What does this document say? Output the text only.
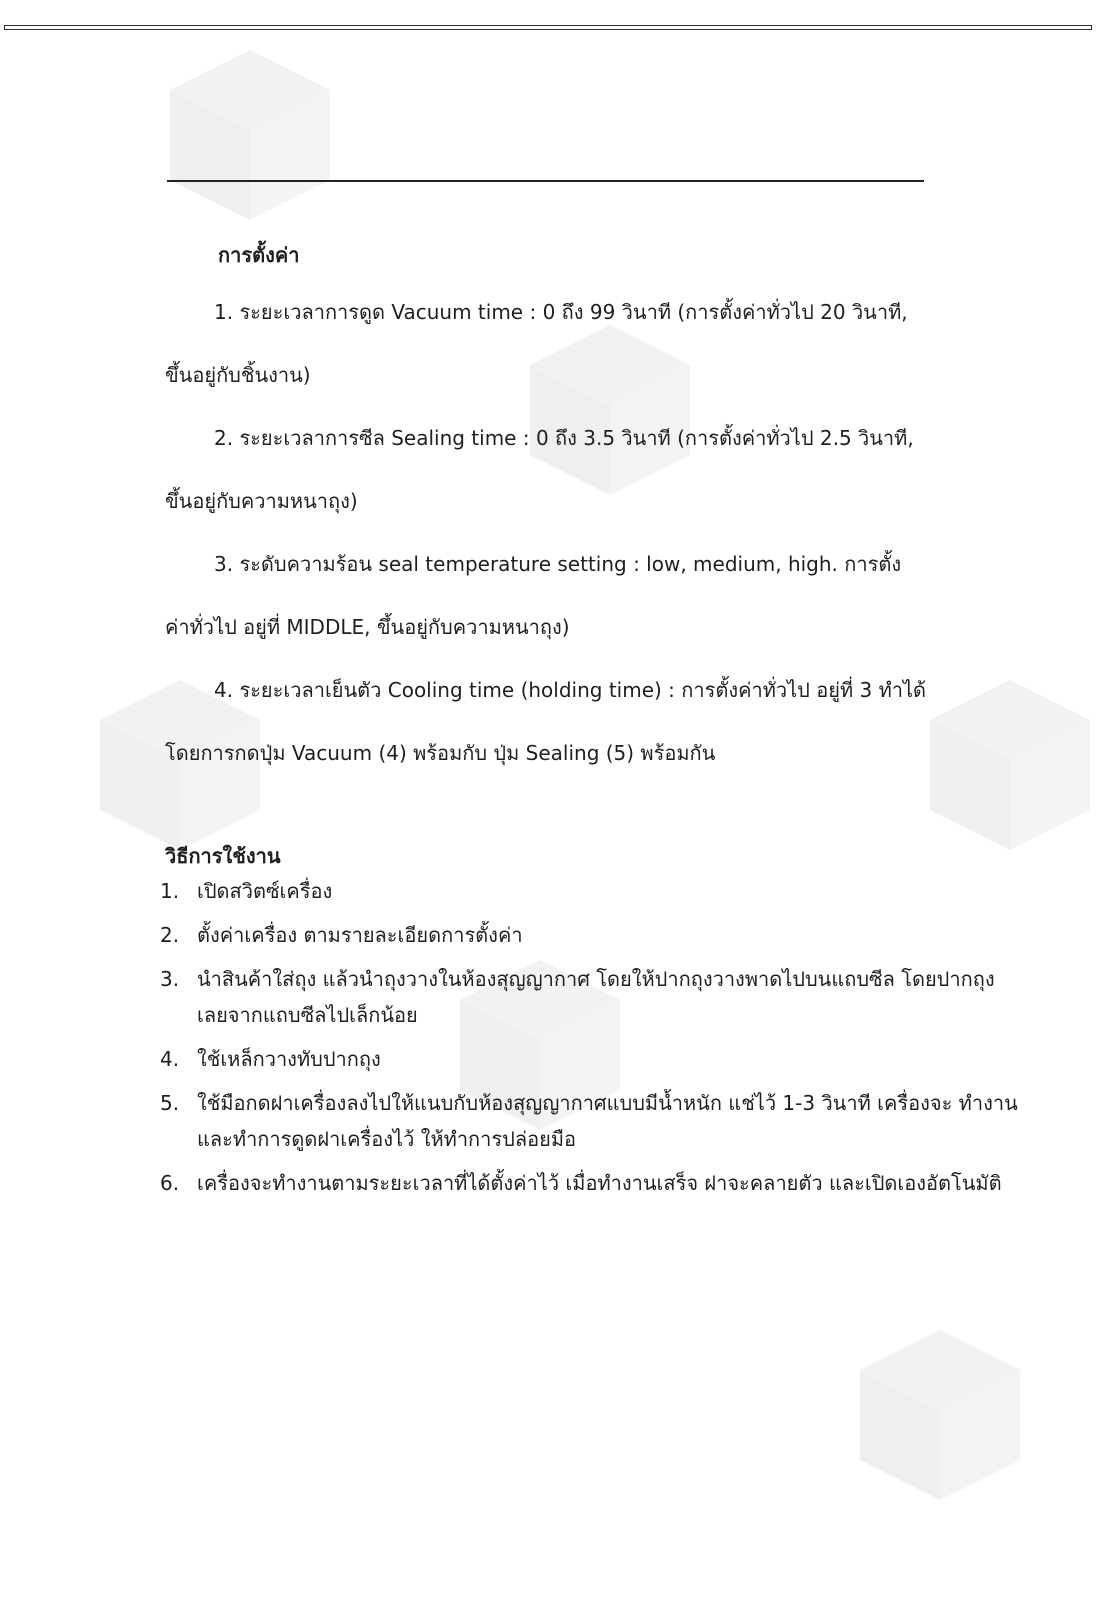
การตั้งค่า
1. ระยะเวลาการดูด Vacuum time : 0 ถึง 99 วินาที (การตั้งค่าทั่วไป 20 วินาที,
ขึ้นอยู่กับชิ้นงาน)
2. ระยะเวลาการซีล Sealing time : 0 ถึง 3.5 วินาที (การตั้งค่าทั่วไป 2.5 วินาที,
ขึ้นอยู่กับความหนาถุง)
3. ระดับความร้อน seal temperature setting : low, medium, high. การตั้ง
ค่าทั่วไป อยู่ที่ MIDDLE, ขึ้นอยู่กับความหนาถุง)
4. ระยะเวลาเย็นตัว Cooling time (holding time) : การตั้งค่าทั่วไป อยู่ที่ 3 ทำได้
โดยการกดปุ่ม Vacuum (4) พร้อมกับ ปุ่ม Sealing (5) พร้อมกัน
วิธีการใช้งาน
1. เปิดสวิตซ์เครื่อง
2. ตั้งค่าเครื่อง ตามรายละเอียดการตั้งค่า
3. นำสินค้าใส่ถุง แล้วนำถุงวางในห้องสุญญากาศ โดยให้ปากถุงวางพาดไปบนแถบซีล โดยปากถุง เลยจากแถบซีลไปเล็กน้อย
4. ใช้เหล็กวางทับปากถุง
5. ใช้มือกดฝาเครื่องลงไปให้แนบกับห้องสุญญากาศแบบมีน้ำหนัก แช่ไว้ 1-3 วินาที เครื่องจะ ทำงานและทำการดูดฝาเครื่องไว้ ให้ทำการปล่อยมือ
6. เครื่องจะทำงานตามระยะเวลาที่ได้ตั้งค่าไว้ เมื่อทำงานเสร็จ ฝาจะคลายตัว และเปิดเองอัตโนมัติ
